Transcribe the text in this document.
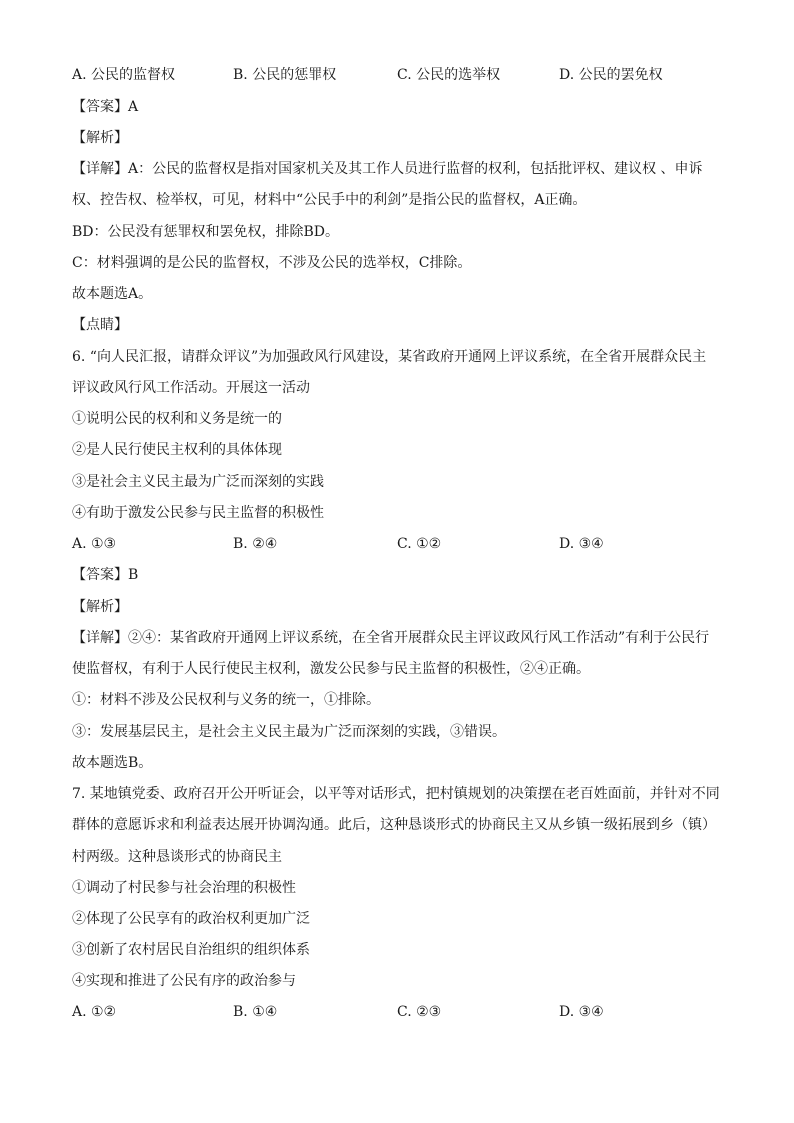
A. 公民的监督权	B. 公民的惩罪权	C. 公民的选举权	D. 公民的罢免权
【答案】A
【解析】
【详解】A：公民的监督权是指对国家机关及其工作人员进行监督的权利，包括批评权、建议权 、申诉
权、控告权、检举权，可见，材料中“公民手中的利剑”是指公民的监督权，A正确。
BD：公民没有惩罪权和罢免权，排除BD。
C：材料强调的是公民的监督权，不涉及公民的选举权，C排除。
故本题选A。
【点睛】
6. “向人民汇报，请群众评议”为加强政风行风建设，某省政府开通网上评议系统，在全省开展群众民主
评议政风行风工作活动。开展这一活动
①说明公民的权利和义务是统一的
②是人民行使民主权利的具体体现
③是社会主义民主最为广泛而深刻的实践
④有助于激发公民参与民主监督的积极性
A. ①③	B. ②④	C. ①②	D. ③④
【答案】B
【解析】
【详解】②④：某省政府开通网上评议系统，在全省开展群众民主评议政风行风工作活动”有利于公民行
使监督权，有利于人民行使民主权利，激发公民参与民主监督的积极性，②④正确。
①：材料不涉及公民权利与义务的统一，①排除。
③：发展基层民主，是社会主义民主最为广泛而深刻的实践，③错误。
故本题选B。
7. 某地镇党委、政府召开公开听证会，以平等对话形式，把村镇规划的决策摆在老百姓面前，并针对不同
群体的意愿诉求和利益表达展开协调沟通。此后，这种恳谈形式的协商民主又从乡镇一级拓展到乡（镇）
村两级。这种恳谈形式的协商民主
①调动了村民参与社会治理的积极性
②体现了公民享有的政治权利更加广泛
③创新了农村居民自治组织的组织体系
④实现和推进了公民有序的政治参与
A. ①②	B. ①④	C. ②③	D. ③④
